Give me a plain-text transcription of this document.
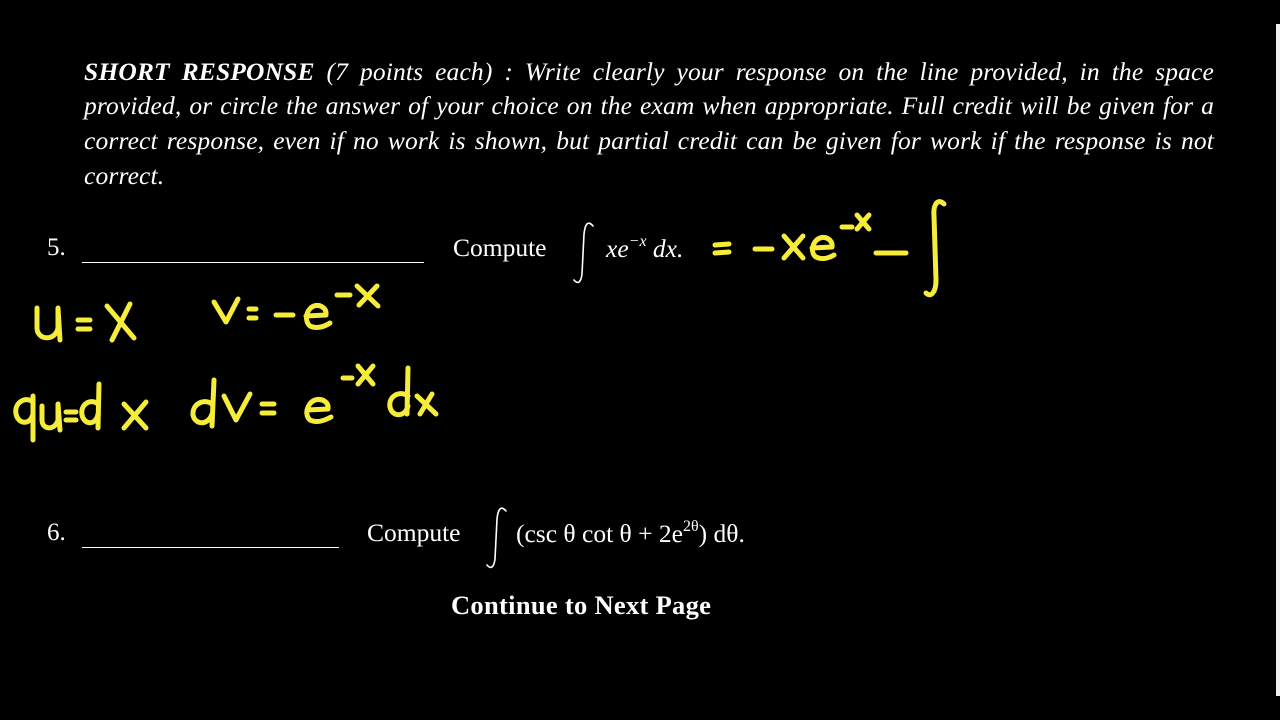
SHORT RESPONSE (7 points each) : Write clearly your response on the line provided, in the space provided, or circle the answer of your choice on the exam when appropriate. Full credit will be given for a correct response, even if no work is shown, but partial credit can be given for work if the response is not correct.

5.	Compute $xe^{-x}$ dx.
6.	Compute (csc θ $\cot \theta + 2e^{2\theta}$) dθ.
Continue to Next Page
